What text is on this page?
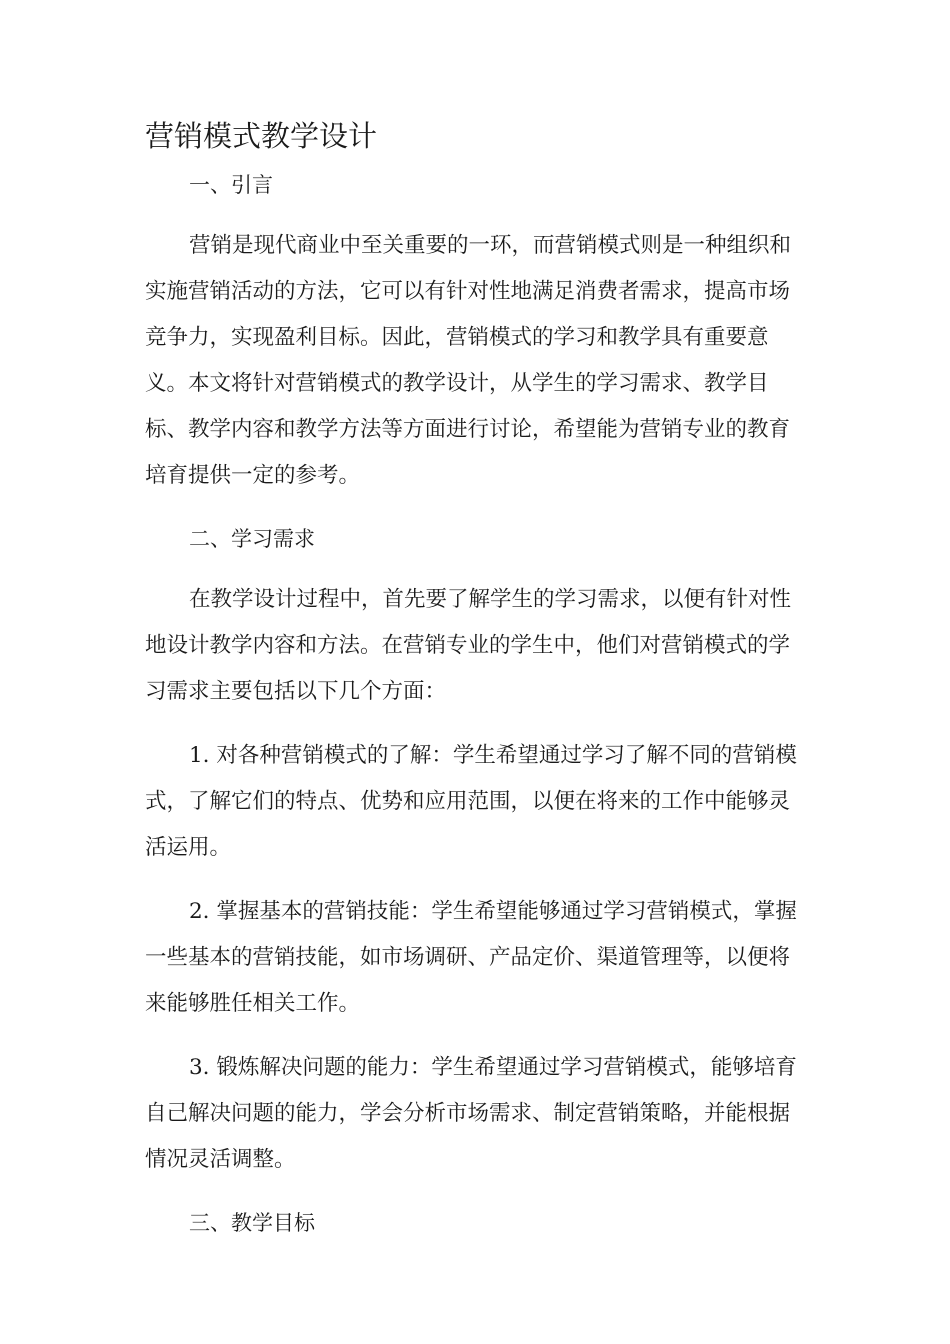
营销模式教学设计
一、引言

营销是现代商业中至关重要的一环，而营销模式则是一种组织和实施营销活动的方法，它可以有针对性地满足消费者需求，提高市场竞争力，实现盈利目标。因此，营销模式的学习和教学具有重要意义。本文将针对营销模式的教学设计，从学生的学习需求、教学目标、教学内容和教学方法等方面进行讨论，希望能为营销专业的教育培育提供一定的参考。

二、学习需求

在教学设计过程中，首先要了解学生的学习需求，以便有针对性地设计教学内容和方法。在营销专业的学生中，他们对营销模式的学习需求主要包括以下几个方面：

1. 对各种营销模式的了解：学生希望通过学习了解不同的营销模式，了解它们的特点、优势和应用范围，以便在将来的工作中能够灵活运用。

2. 掌握基本的营销技能：学生希望能够通过学习营销模式，掌握一些基本的营销技能，如市场调研、产品定价、渠道管理等，以便将来能够胜任相关工作。

3. 锻炼解决问题的能力：学生希望通过学习营销模式，能够培育自己解决问题的能力，学会分析市场需求、制定营销策略，并能根据情况灵活调整。

三、教学目标
